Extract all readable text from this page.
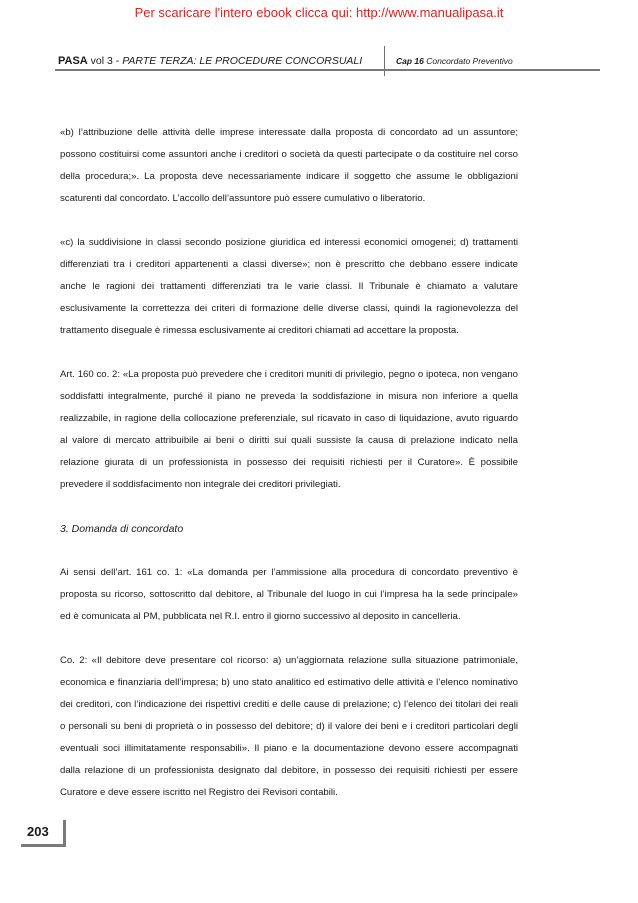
Per scaricare l'intero ebook clicca qui: http://www.manualipasa.it
PASA vol 3 - PARTE TERZA: LE PROCEDURE CONCORSUALI	Cap 16 Concordato Preventivo

«b) l’attribuzione delle attività delle imprese interessate dalla proposta di concordato ad un assuntore; possono costituirsi come assuntori anche i creditori o società da questi partecipate o da costituire nel corso della procedura;». La proposta deve necessariamente indicare il soggetto che assume le obbligazioni scaturenti dal concordato. L’accollo dell’assuntore può essere cumulativo o liberatorio.

«c) la suddivisione in classi secondo posizione giuridica ed interessi economici omogenei; d) trattamenti differenziati tra i creditori appartenenti a classi diverse»; non è prescritto che debbano essere indicate anche le ragioni dei trattamenti differenziati tra le varie classi. Il Tribunale è chiamato a valutare esclusivamente la correttezza dei criteri di formazione delle diverse classi, quindi la ragionevolezza del trattamento diseguale è rimessa esclusivamente ai creditori chiamati ad accettare la proposta.

Art. 160 co. 2: «La proposta può prevedere che i creditori muniti di privilegio, pegno o ipoteca, non vengano soddisfatti integralmente, purché il piano ne preveda la soddisfazione in misura non inferiore a quella realizzabile, in ragione della collocazione preferenziale, sul ricavato in caso di liquidazione, avuto riguardo al valore di mercato attribuibile ai beni o diritti sui quali sussiste la causa di prelazione indicato nella relazione giurata di un professionista in possesso dei requisiti richiesti per il Curatore». È possibile prevedere il soddisfacimento non integrale dei creditori privilegiati.

3. Domanda di concordato

Ai sensi dell’art. 161 co. 1: «La domanda per l’ammissione alla procedura di concordato preventivo è proposta su ricorso, sottoscritto dal debitore, al Tribunale del luogo in cui l’impresa ha la sede principale» ed è comunicata al PM, pubblicata nel R.I. entro il giorno successivo al deposito in cancelleria.

Co. 2: «Il debitore deve presentare col ricorso: a) un’aggiornata relazione sulla situazione patrimoniale, economica e finanziaria dell’impresa; b) uno stato analitico ed estimativo delle attività e l’elenco nominativo dei creditori, con l’indicazione dei rispettivi crediti e delle cause di prelazione; c) l’elenco dei titolari dei reali o personali su beni di proprietà o in possesso del debitore; d) il valore dei beni e i creditori particolari degli eventuali soci illimitatamente responsabili». Il piano e la documentazione devono essere accompagnati dalla relazione di un professionista designato dal debitore, in possesso dei requisiti richiesti per essere Curatore e deve essere iscritto nel Registro dei Revisori contabili.

203
